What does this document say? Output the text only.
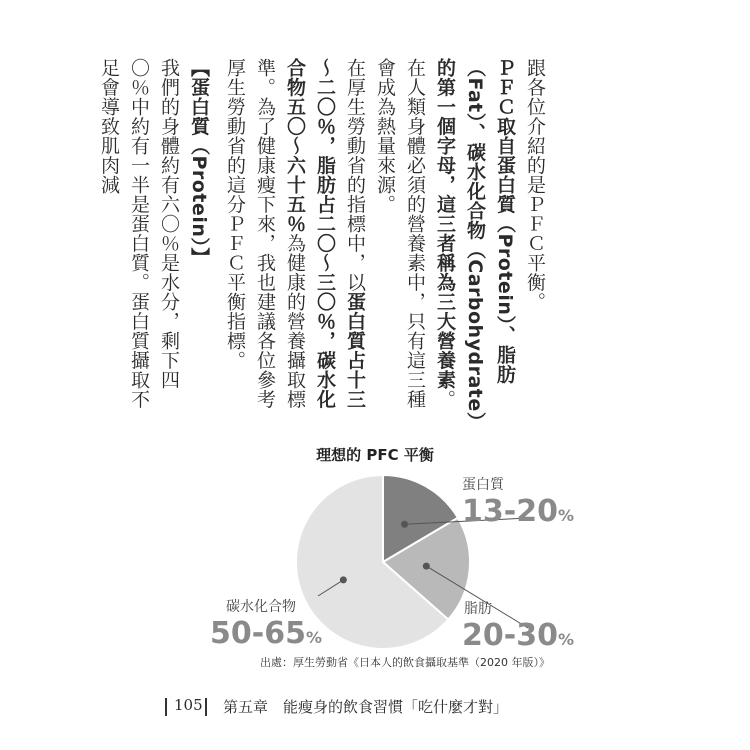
跟各位介紹的是ＰＦＣ平衡。

ＰＦＣ取自蛋白質（Protein）、脂肪（Fat）、碳水化合物（Carbohydrate）的第一個字母，這三者稱為三大營養素。在人類身體必須的營養素中，只有這三種會成為熱量來源。

在厚生勞動省的指標中，以蛋白質占十三～二〇％，脂肪占二〇～三〇％，碳水化合物五〇～六十五％為健康的營養攝取標準。為了健康瘦下來，我也建議各位參考厚生勞動省的這分ＰＦＣ平衡指標。

【蛋白質（Protein）】

我們的身體約有六〇％是水分，剩下四〇％中約有一半是蛋白質。蛋白質攝取不足會導致肌肉減

理想的 PFC 平衡
蛋白質
13-20%
脂肪
20-30%
碳水化合物
50-65%
出處：厚生勞動省《日本人的飲食攝取基準（2020 年版）》
105 第五章　能瘦身的飲食習慣「吃什麼才對」
